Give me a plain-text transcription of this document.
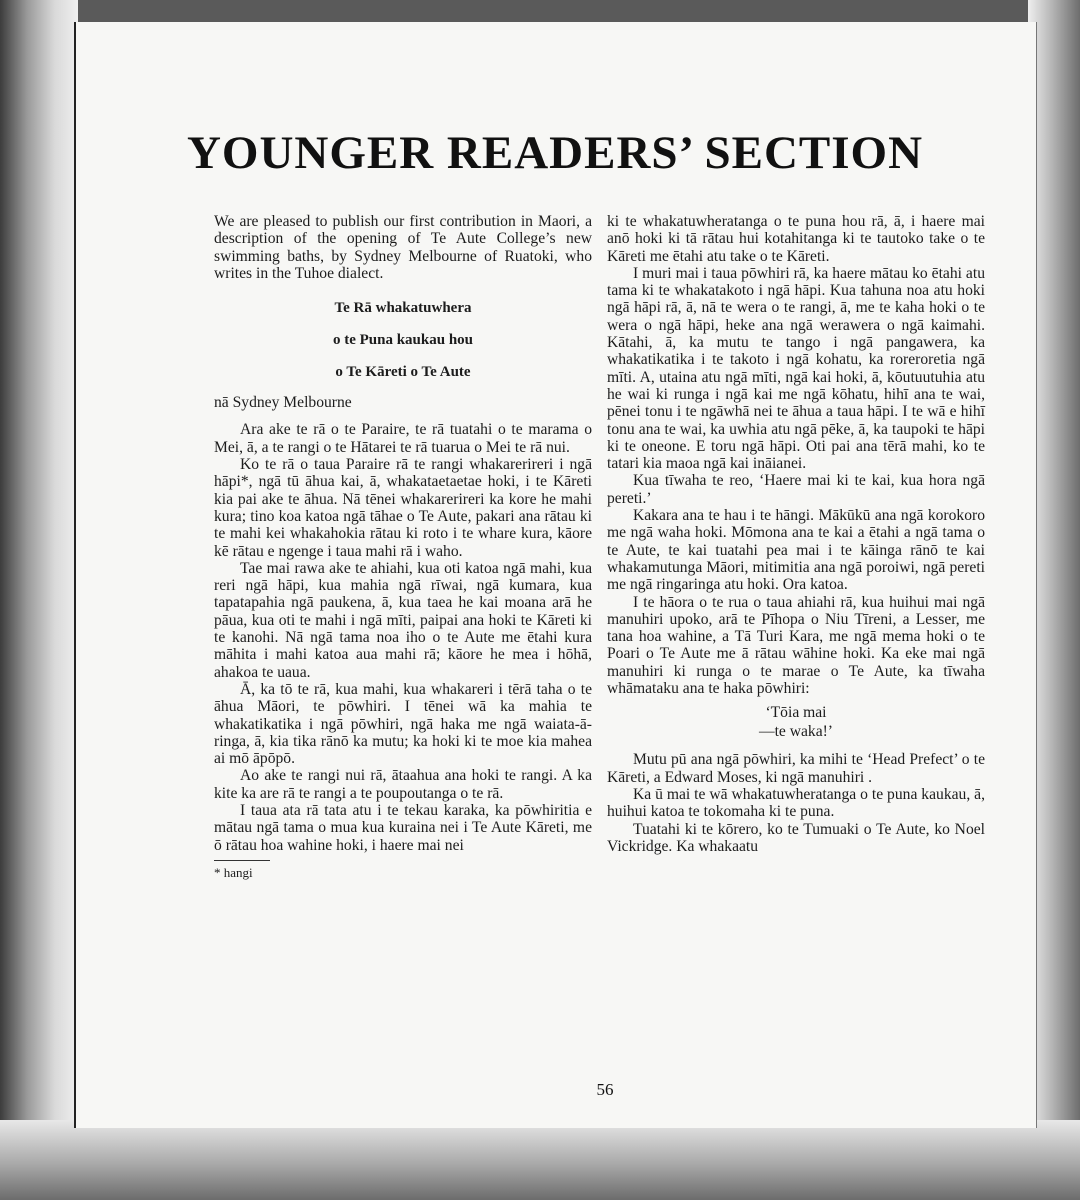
YOUNGER READERS’ SECTION

We are pleased to publish our first contribution in Maori, a description of the opening of Te Aute College’s new swimming baths, by Sydney Melbourne of Ruatoki, who writes in the Tuhoe dialect.

Te Rā whakatuwhera

o te Puna kaukau hou

o Te Kāreti o Te Aute

nā Sydney Melbourne

Ara ake te rā o te Paraire, te rā tuatahi o te marama o Mei, ā, a te rangi o te Hātarei te rā tuarua o Mei te rā nui.

Ko te rā o taua Paraire rā te rangi whakarerireri i ngā hāpi*, ngā tū āhua kai, ā, whakataetaetae hoki, i te Kāreti kia pai ake te āhua. Nā tēnei whakarerireri ka kore he mahi kura; tino koa katoa ngā tāhae o Te Aute, pakari ana rātau ki te mahi kei whakahokia rātau ki roto i te whare kura, kāore kē rātau e ngenge i taua mahi rā i waho.

Tae mai rawa ake te ahiahi, kua oti katoa ngā mahi, kua reri ngā hāpi, kua mahia ngā rīwai, ngā kumara, kua tapatapahia ngā paukena, ā, kua taea he kai moana arā he pāua, kua oti te mahi i ngā mīti, paipai ana hoki te Kāreti ki te kanohi. Nā ngā tama noa iho o te Aute me ētahi kura māhita i mahi katoa aua mahi rā; kāore he mea i hōhā, ahakoa te uaua.

Ā, ka tō te rā, kua mahi, kua whakareri i tērā taha o te āhua Māori, te pōwhiri. I tēnei wā ka mahia te whakatikatika i ngā pōwhiri, ngā haka me ngā waiata-ā-ringa, ā, kia tika rānō ka mutu; ka hoki ki te moe kia mahea ai mō āpōpō.

Ao ake te rangi nui rā, ātaahua ana hoki te rangi. A ka kite ka are rā te rangi a te poupoutanga o te rā.

I taua ata rā tata atu i te tekau karaka, ka pōwhiritia e mātau ngā tama o mua kua kuraina nei i Te Aute Kāreti, me ō rātau hoa wahine hoki, i haere mai nei

* hangi

ki te whakatuwheratanga o te puna hou rā, ā, i haere mai anō hoki ki tā rātau hui kotahitanga ki te tautoko take o te Kāreti me ētahi atu take o te Kāreti.

I muri mai i taua pōwhiri rā, ka haere mātau ko ētahi atu tama ki te whakatakoto i ngā hāpi. Kua tahuna noa atu hoki ngā hāpi rā, ā, nā te wera o te rangi, ā, me te kaha hoki o te wera o ngā hāpi, heke ana ngā werawera o ngā kaimahi. Kātahi, ā, ka mutu te tango i ngā pangawera, ka whakatikatika i te takoto i ngā kohatu, ka roreroretia ngā mīti. A, utaina atu ngā mīti, ngā kai hoki, ā, kōutuutuhia atu he wai ki runga i ngā kai me ngā kōhatu, hihī ana te wai, pēnei tonu i te ngāwhā nei te āhua a taua hāpi. I te wā e hihī tonu ana te wai, ka uwhia atu ngā pēke, ā, ka taupoki te hāpi ki te oneone. E toru ngā hāpi. Oti pai ana tērā mahi, ko te tatari kia maoa ngā kai ināianei.

Kua tīwaha te reo, ‘Haere mai ki te kai, kua hora ngā pereti.’

Kakara ana te hau i te hāngi. Mākūkū ana ngā korokoro me ngā waha hoki. Mōmona ana te kai a ētahi a ngā tama o te Aute, te kai tuatahi pea mai i te kāinga rānō te kai whakamutunga Māori, mitimitia ana ngā poroiwi, ngā pereti me ngā ringaringa atu hoki. Ora katoa.

I te hāora o te rua o taua ahiahi rā, kua huihui mai ngā manuhiri upoko, arā te Pīhopa o Niu Tīreni, a Lesser, me tana hoa wahine, a Tā Turi Kara, me ngā mema hoki o te Poari o Te Aute me ā rātau wāhine hoki. Ka eke mai ngā manuhiri ki runga o te marae o Te Aute, ka tīwaha whāmataku ana te haka pōwhiri:

‘Tōia mai
—te waka!’

Mutu pū ana ngā pōwhiri, ka mihi te ‘Head Prefect’ o te Kāreti, a Edward Moses, ki ngā manuhiri .

Ka ū mai te wā whakatuwheratanga o te puna kaukau, ā, huihui katoa te tokomaha ki te puna.

Tuatahi ki te kōrero, ko te Tumuaki o Te Aute, ko Noel Vickridge. Ka whakaatu

56
